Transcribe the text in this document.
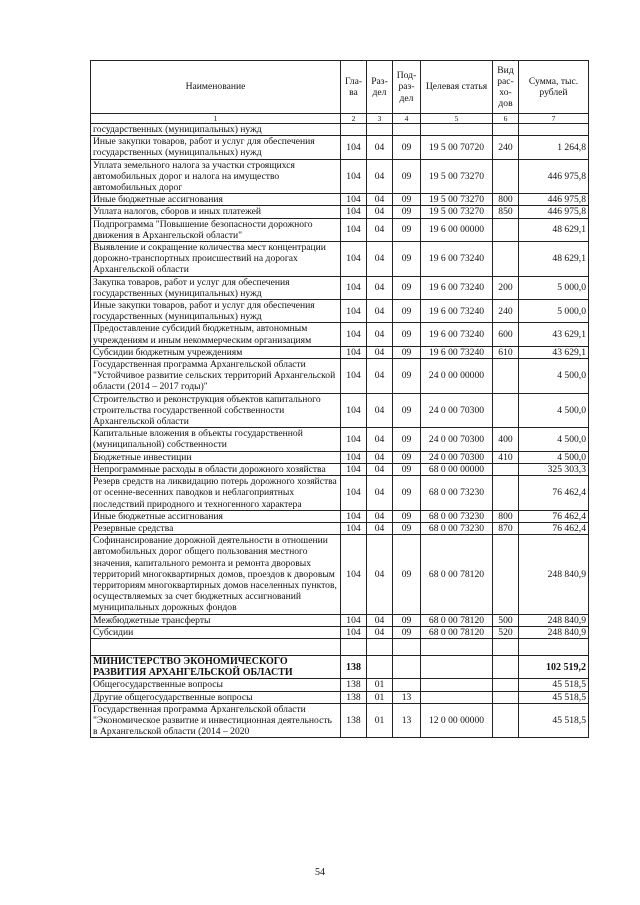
Наименование	Гла-ва	Раз-дел	Под-раз-дел	Целевая статья	Вид рас-хо-дов	Сумма, тыс. рублей
1	2	3	4	5	6	7
государственных (муниципальных) нужд						
Иные закупки товаров, работ и услуг для обеспечения государственных (муниципальных) нужд	104	04	09	19 5 00 70720	240	1 264,8
Уплата земельного налога за участки строящихся автомобильных дорог и налога на имущество автомобильных дорог	104	04	09	19 5 00 73270		446 975,8
Иные бюджетные ассигнования	104	04	09	19 5 00 73270	800	446 975,8
Уплата налогов, сборов и иных платежей	104	04	09	19 5 00 73270	850	446 975,8
Подпрограмма "Повышение безопасности дорожного движения в Архангельской области"	104	04	09	19 6 00 00000		48 629,1
Выявление и сокращение количества мест концентрации дорожно-транспортных происшествий на дорогах Архангельской области	104	04	09	19 6 00 73240		48 629,1
Закупка товаров, работ и услуг для обеспечения государственных (муниципальных) нужд	104	04	09	19 6 00 73240	200	5 000,0
Иные закупки товаров, работ и услуг для обеспечения государственных (муниципальных) нужд	104	04	09	19 6 00 73240	240	5 000,0
Предоставление субсидий бюджетным, автономным учреждениям и иным некоммерческим организациям	104	04	09	19 6 00 73240	600	43 629,1
Субсидии бюджетным учреждениям	104	04	09	19 6 00 73240	610	43 629,1
Государственная программа Архангельской области "Устойчивое развитие сельских территорий Архангельской области (2014 – 2017 годы)"	104	04	09	24 0 00 00000		4 500,0
Строительство и реконструкция объектов капитального строительства государственной собственности Архангельской области	104	04	09	24 0 00 70300		4 500,0
Капитальные вложения в объекты государственной (муниципальной) собственности	104	04	09	24 0 00 70300	400	4 500,0
Бюджетные инвестиции	104	04	09	24 0 00 70300	410	4 500,0
Непрограммные расходы в области дорожного хозяйства	104	04	09	68 0 00 00000		325 303,3
Резерв средств на ликвидацию потерь дорожного хозяйства от осенне-весенних паводков и неблагоприятных последствий природного и техногенного характера	104	04	09	68 0 00 73230		76 462,4
Иные бюджетные ассигнования	104	04	09	68 0 00 73230	800	76 462,4
Резервные средства	104	04	09	68 0 00 73230	870	76 462,4
Софинансирование дорожной деятельности в отношении автомобильных дорог общего пользования местного значения, капитального ремонта и ремонта дворовых территорий многоквартирных домов, проездов к дворовым территориям многоквартирных домов населенных пунктов, осуществляемых за счет бюджетных ассигнований муниципальных дорожных фондов	104	04	09	68 0 00 78120		248 840,9
Межбюджетные трансферты	104	04	09	68 0 00 78120	500	248 840,9
Субсидии	104	04	09	68 0 00 78120	520	248 840,9

МИНИСТЕРСТВО ЭКОНОМИЧЕСКОГО РАЗВИТИЯ АРХАНГЕЛЬСКОЙ ОБЛАСТИ	138					102 519,2
Общегосударственные вопросы	138	01				45 518,5
Другие общегосударственные вопросы	138	01	13			45 518,5
Государственная программа Архангельской области "Экономическое развитие и инвестиционная деятельность в Архангельской области (2014 – 2020	138	01	13	12 0 00 00000		45 518,5
54
